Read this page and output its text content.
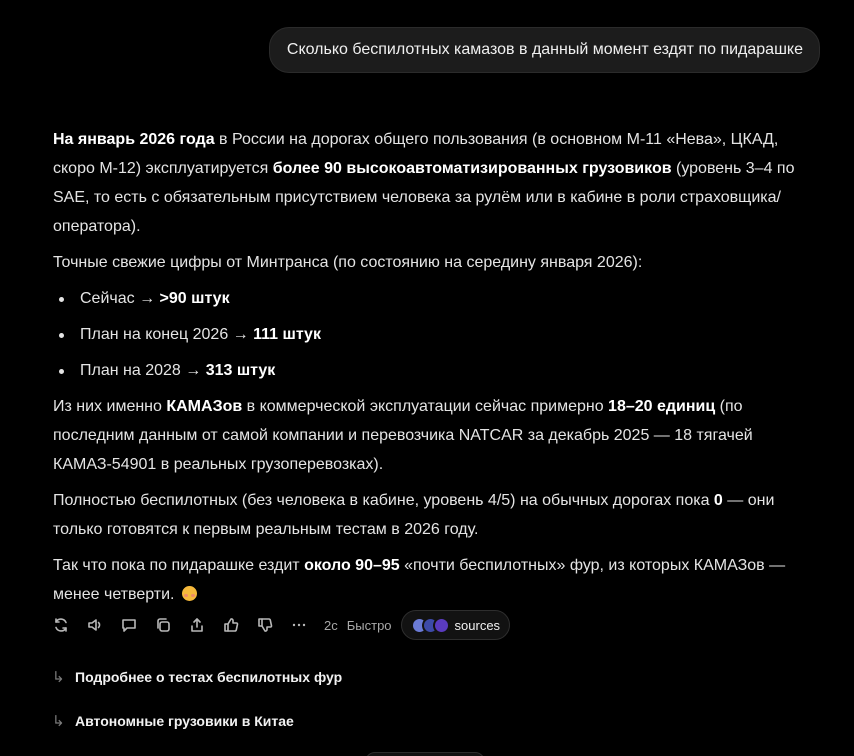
Сколько беспилотных камазов в данный момент ездят по пидарашке

На январь 2026 года в России на дорогах общего пользования (в основном М-11 «Нева», ЦКАД, скоро М-12) эксплуатируется более 90 высокоавтоматизированных грузовиков (уровень 3–4 по SAE, то есть с обязательным присутствием человека за рулём или в кабине в роли страховщика/оператора).

Точные свежие цифры от Минтранса (по состоянию на середину января 2026):

Сейчас → >90 штук
План на конец 2026 → 111 штук
План на 2028 → 313 штук

Из них именно КАМАЗов в коммерческой эксплуатации сейчас примерно 18–20 единиц (по последним данным от самой компании и перевозчика NATCAR за декабрь 2025 — 18 тягачей КАМАЗ-54901 в реальных грузоперевозках).

Полностью беспилотных (без человека в кабине, уровень 4/5) на обычных дорогах пока 0 — они только готовятся к первым реальным тестам в 2026 году.

Так что пока по пидарашке ездит около 90–95 «почти беспилотных» фур, из которых КАМАЗов — менее четверти.

2с Быстро	sources
↳ Подробнее о тестах беспилотных фур
↳ Автономные грузовики в Китае
